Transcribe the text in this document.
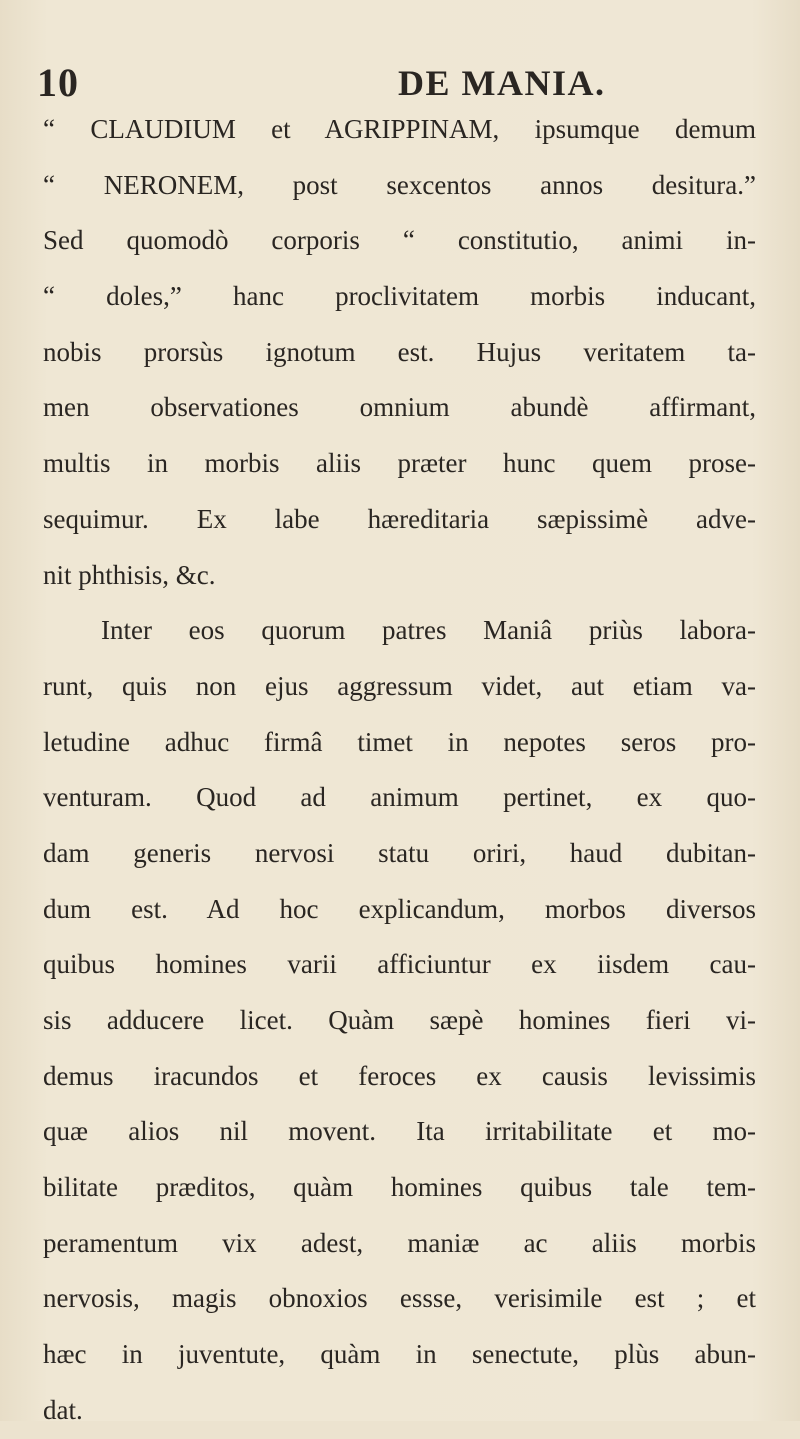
10	DE MANIA.
“ CLAUDIUM et AGRIPPINAM, ipsumque demum
“ NERONEM, post sexcentos annos desitura.”
Sed quomodò corporis “ constitutio, animi in-
“ doles,” hanc proclivitatem morbis inducant,
nobis prorsùs ignotum est. Hujus veritatem ta-
men observationes omnium abundè affirmant,
multis in morbis aliis præter hunc quem prose-
sequimur. Ex labe hæreditaria sæpissimè adve-
nit phthisis, &c.
Inter eos quorum patres Maniâ priùs labora-
runt, quis non ejus aggressum videt, aut etiam va-
letudine adhuc firmâ timet in nepotes seros pro-
venturam. Quod ad animum pertinet, ex quo-
dam generis nervosi statu oriri, haud dubitan-
dum est. Ad hoc explicandum, morbos diversos
quibus homines varii afficiuntur ex iisdem cau-
sis adducere licet. Quàm sæpè homines fieri vi-
demus iracundos et feroces ex causis levissimis
quæ alios nil movent. Ita irritabilitate et mo-
bilitate præditos, quàm homines quibus tale tem-
peramentum vix adest, maniæ ac aliis morbis
nervosis, magis obnoxios essse, verisimile est ; et
hæc in juventute, quàm in senectute, plùs abun-
dat.
